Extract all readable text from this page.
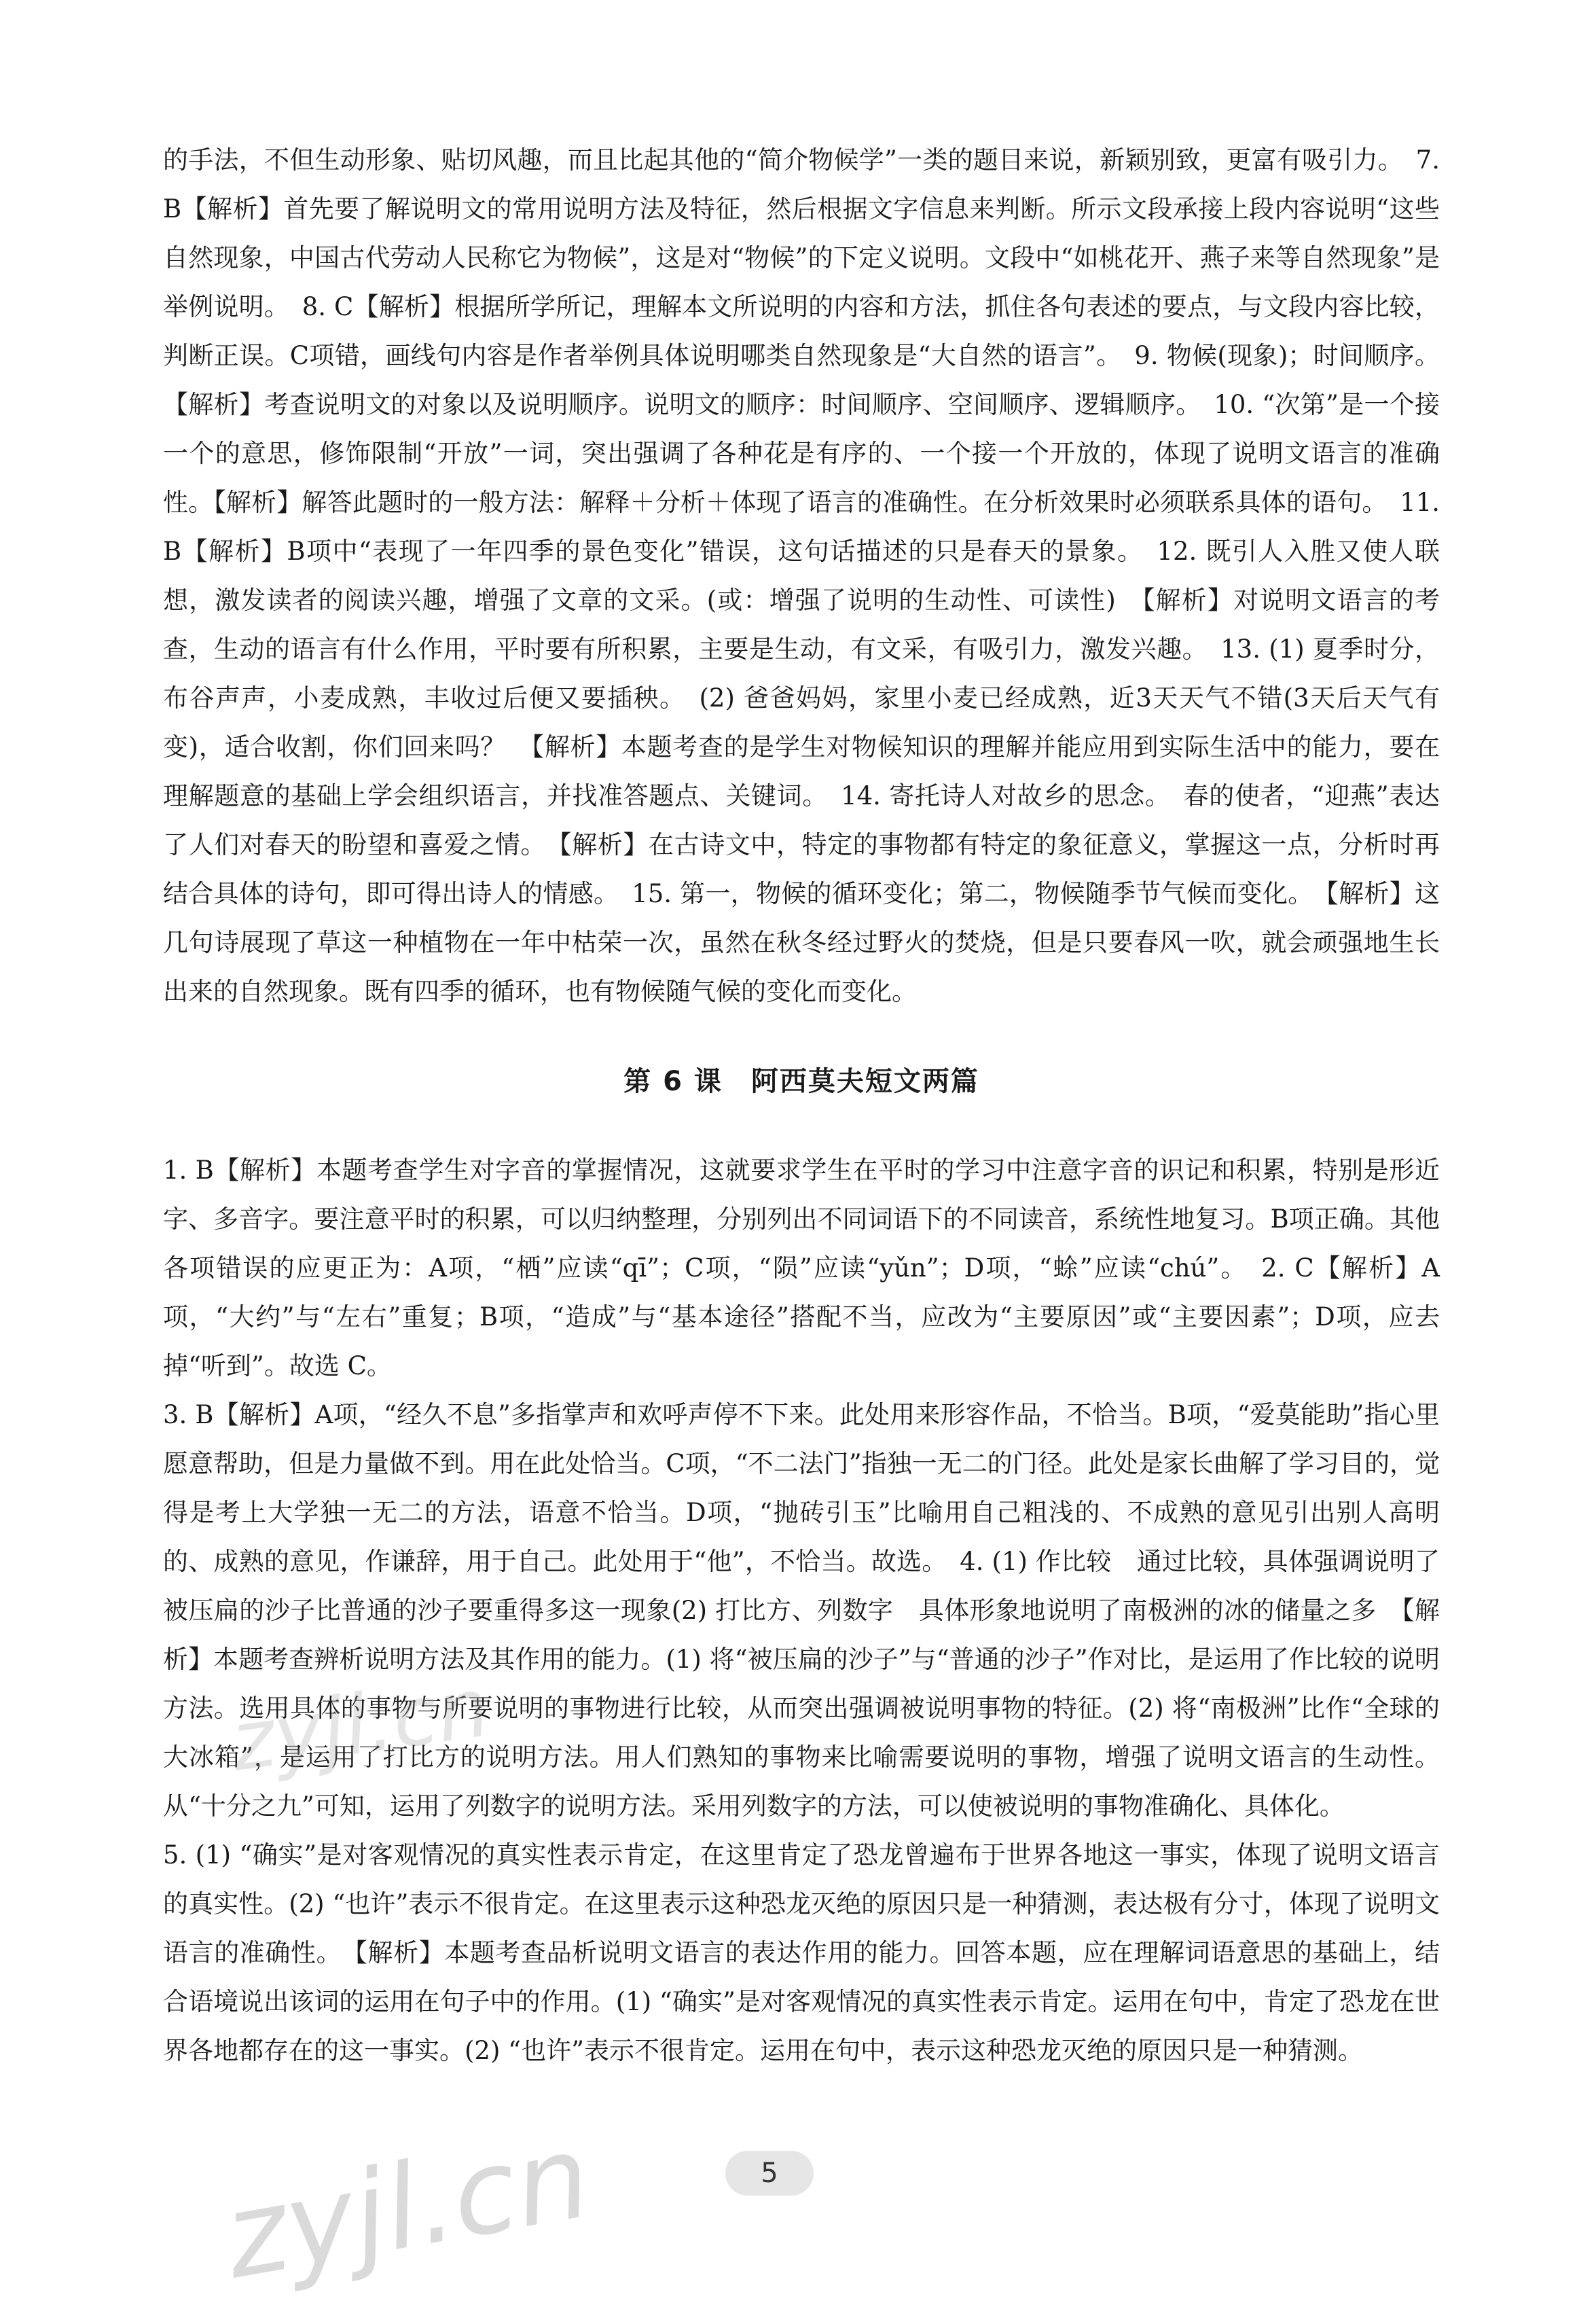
的手法，不但生动形象、贴切风趣，而且比起其他的“简介物候学”一类的题目来说，新颖别致，更富有吸引力。　7. B【解析】首先要了解说明文的常用说明方法及特征，然后根据文字信息来判断。所示文段承接上段内容说明“这些自然现象，中国古代劳动人民称它为物候”，这是对“物候”的下定义说明。文段中“如桃花开、燕子来等自然现象”是举例说明。　8. C【解析】根据所学所记，理解本文所说明的内容和方法，抓住各句表述的要点，与文段内容比较，判断正误。C项错，画线句内容是作者举例具体说明哪类自然现象是“大自然的语言”。　9. 物候(现象)；时间顺序。【解析】考查说明文的对象以及说明顺序。说明文的顺序：时间顺序、空间顺序、逻辑顺序。　10. “次第”是一个接一个的意思，修饰限制“开放”一词，突出强调了各种花是有序的、一个接一个开放的，体现了说明文语言的准确性。【解析】解答此题时的一般方法：解释＋分析＋体现了语言的准确性。在分析效果时必须联系具体的语句。　11. B【解析】B项中“表现了一年四季的景色变化”错误，这句话描述的只是春天的景象。　12. 既引人入胜又使人联想，激发读者的阅读兴趣，增强了文章的文采。(或：增强了说明的生动性、可读性)　【解析】对说明文语言的考查，生动的语言有什么作用，平时要有所积累，主要是生动，有文采，有吸引力，激发兴趣。　13. (1) 夏季时分，布谷声声，小麦成熟，丰收过后便又要插秧。　(2) 爸爸妈妈，家里小麦已经成熟，近3天天气不错(3天后天气有变)，适合收割，你们回来吗？　【解析】本题考查的是学生对物候知识的理解并能应用到实际生活中的能力，要在理解题意的基础上学会组织语言，并找准答题点、关键词。　14. 寄托诗人对故乡的思念。　春的使者，“迎燕”表达了人们对春天的盼望和喜爱之情。　【解析】在古诗文中，特定的事物都有特定的象征意义，掌握这一点，分析时再结合具体的诗句，即可得出诗人的情感。　15. 第一，物候的循环变化；第二，物候随季节气候而变化。　【解析】这几句诗展现了草这一种植物在一年中枯荣一次，虽然在秋冬经过野火的焚烧，但是只要春风一吹，就会顽强地生长出来的自然现象。既有四季的循环，也有物候随气候的变化而变化。

第 6 课　阿西莫夫短文两篇

1. B【解析】本题考查学生对字音的掌握情况，这就要求学生在平时的学习中注意字音的识记和积累，特别是形近字、多音字。要注意平时的积累，可以归纳整理，分别列出不同词语下的不同读音，系统性地复习。B项正确。其他各项错误的应更正为：A项，“栖”应读“qī”；C项，“陨”应读“yǔn”；D项，“蜍”应读“chú”。　2. C【解析】A项，“大约”与“左右”重复；B项，“造成”与“基本途径”搭配不当，应改为“主要原因”或“主要因素”；D项，应去掉“听到”。故选 C。

3. B【解析】A项，“经久不息”多指掌声和欢呼声停不下来。此处用来形容作品，不恰当。B项，“爱莫能助”指心里愿意帮助，但是力量做不到。用在此处恰当。C项，“不二法门”指独一无二的门径。此处是家长曲解了学习目的，觉得是考上大学独一无二的方法，语意不恰当。D项，“抛砖引玉”比喻用自己粗浅的、不成熟的意见引出别人高明的、成熟的意见，作谦辞，用于自己。此处用于“他”，不恰当。故选。　4. (1) 作比较　通过比较，具体强调说明了被压扁的沙子比普通的沙子要重得多这一现象(2) 打比方、列数字　具体形象地说明了南极洲的冰的储量之多　【解析】本题考查辨析说明方法及其作用的能力。(1) 将“被压扁的沙子”与“普通的沙子”作对比，是运用了作比较的说明方法。选用具体的事物与所要说明的事物进行比较，从而突出强调被说明事物的特征。(2) 将“南极洲”比作“全球的大冰箱”，是运用了打比方的说明方法。用人们熟知的事物来比喻需要说明的事物，增强了说明文语言的生动性。从“十分之九”可知，运用了列数字的说明方法。采用列数字的方法，可以使被说明的事物准确化、具体化。

5. (1) “确实”是对客观情况的真实性表示肯定，在这里肯定了恐龙曾遍布于世界各地这一事实，体现了说明文语言的真实性。(2) “也许”表示不很肯定。在这里表示这种恐龙灭绝的原因只是一种猜测，表达极有分寸，体现了说明文语言的准确性。　【解析】本题考查品析说明文语言的表达作用的能力。回答本题，应在理解词语意思的基础上，结合语境说出该词的运用在句子中的作用。(1) “确实”是对客观情况的真实性表示肯定。运用在句中，肯定了恐龙在世界各地都存在的这一事实。(2) “也许”表示不很肯定。运用在句中，表示这种恐龙灭绝的原因只是一种猜测。

zyjl.cn
zyjl.cn	5
